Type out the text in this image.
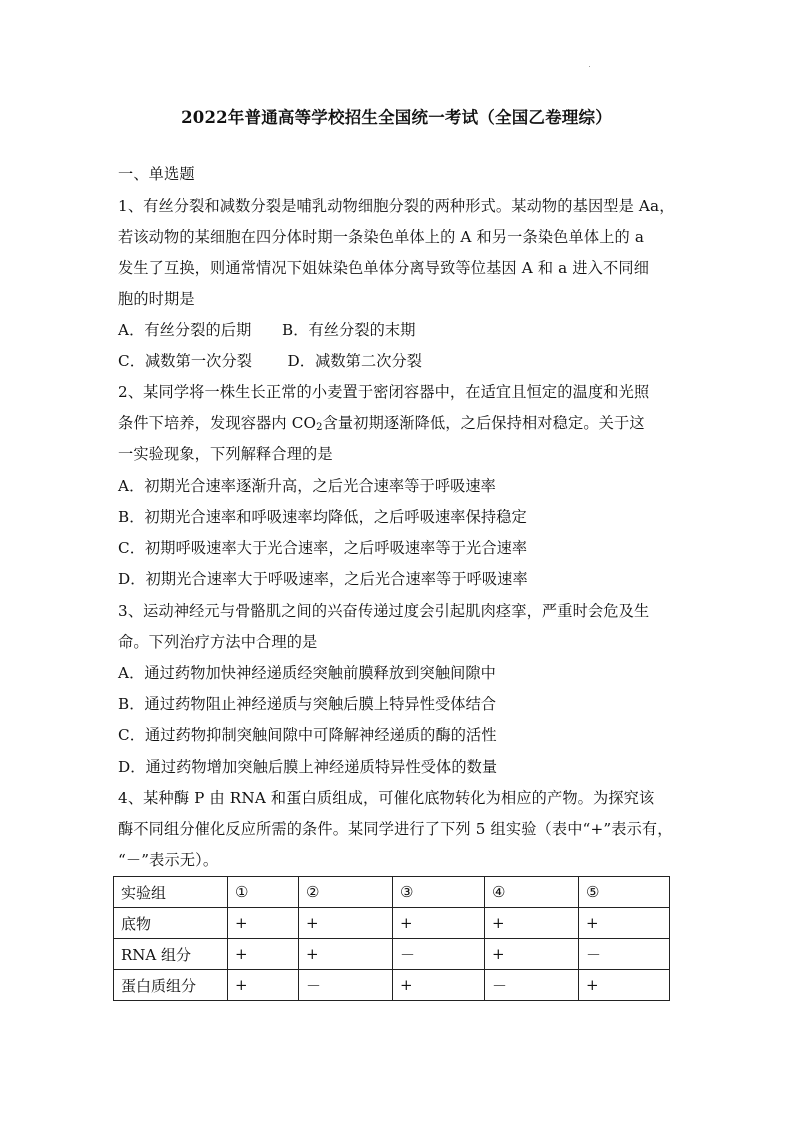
2022年普通高等学校招生全国统一考试（全国乙卷理综）
一、单选题
1、有丝分裂和减数分裂是哺乳动物细胞分裂的两种形式。某动物的基因型是 Aa，
若该动物的某细胞在四分体时期一条染色单体上的 A 和另一条染色单体上的 a
发生了互换，则通常情况下姐妹染色单体分离导致等位基因 A 和 a 进入不同细
胞的时期是
A．有丝分裂的后期　　B．有丝分裂的末期
C．减数第一次分裂　　 D．减数第二次分裂
2、某同学将一株生长正常的小麦置于密闭容器中，在适宜且恒定的温度和光照
条件下培养，发现容器内 $CO_2$含量初期逐渐降低，之后保持相对稳定。关于这
一实验现象，下列解释合理的是
A．初期光合速率逐渐升高，之后光合速率等于呼吸速率
B．初期光合速率和呼吸速率均降低，之后呼吸速率保持稳定
C．初期呼吸速率大于光合速率，之后呼吸速率等于光合速率
D．初期光合速率大于呼吸速率，之后光合速率等于呼吸速率
3、运动神经元与骨骼肌之间的兴奋传递过度会引起肌肉痉挛，严重时会危及生
命。下列治疗方法中合理的是
A．通过药物加快神经递质经突触前膜释放到突触间隙中
B．通过药物阻止神经递质与突触后膜上特异性受体结合
C．通过药物抑制突触间隙中可降解神经递质的酶的活性
D．通过药物增加突触后膜上神经递质特异性受体的数量
4、某种酶 P 由 RNA 和蛋白质组成，可催化底物转化为相应的产物。为探究该
酶不同组分催化反应所需的条件。某同学进行了下列 5 组实验（表中“+”表示有，
“－”表示无）。
实验组	①	②	③	④	⑤
底物	+	+	+	+	+
RNA 组分	+	+	－	+	－
蛋白质组分	+	－	+	－	+
